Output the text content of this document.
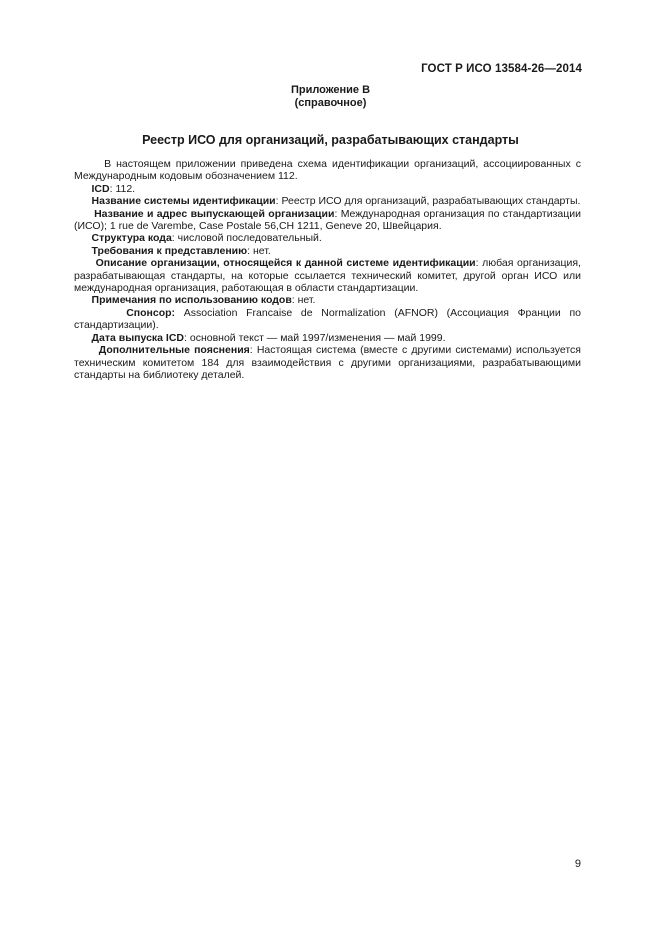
ГОСТ Р ИСО 13584-26—2014
Приложение В
(справочное)
Реестр ИСО для организаций, разрабатывающих стандарты

В настоящем приложении приведена схема идентификации организаций, ассоциированных с Международным кодовым обозначением 112.

ICD: 112.

Название системы идентификации: Реестр ИСО для организаций, разрабатывающих стандарты.

Название и адрес выпускающей организации: Международная организация по стандартизации (ИСО); 1 rue de Varembe, Case Postale 56,CH 1211, Geneve 20, Швейцария.

Структура кода: числовой последовательный.

Требования к представлению: нет.

Описание организации, относящейся к данной системе идентификации: любая организация, разрабатывающая стандарты, на которые ссылается технический комитет, другой орган ИСО или международная организация, работающая в области стандартизации.

Примечания по использованию кодов: нет.

Спонсор: Association Francaise de Normalization (AFNOR) (Ассоциация Франции по стандартизации).

Дата выпуска ICD: основной текст — май 1997/изменения — май 1999.

Дополнительные пояснения: Настоящая система (вместе с другими системами) используется техническим комитетом 184 для взаимодействия с другими организациями, разрабатывающими стандарты на библиотеку деталей.

9
